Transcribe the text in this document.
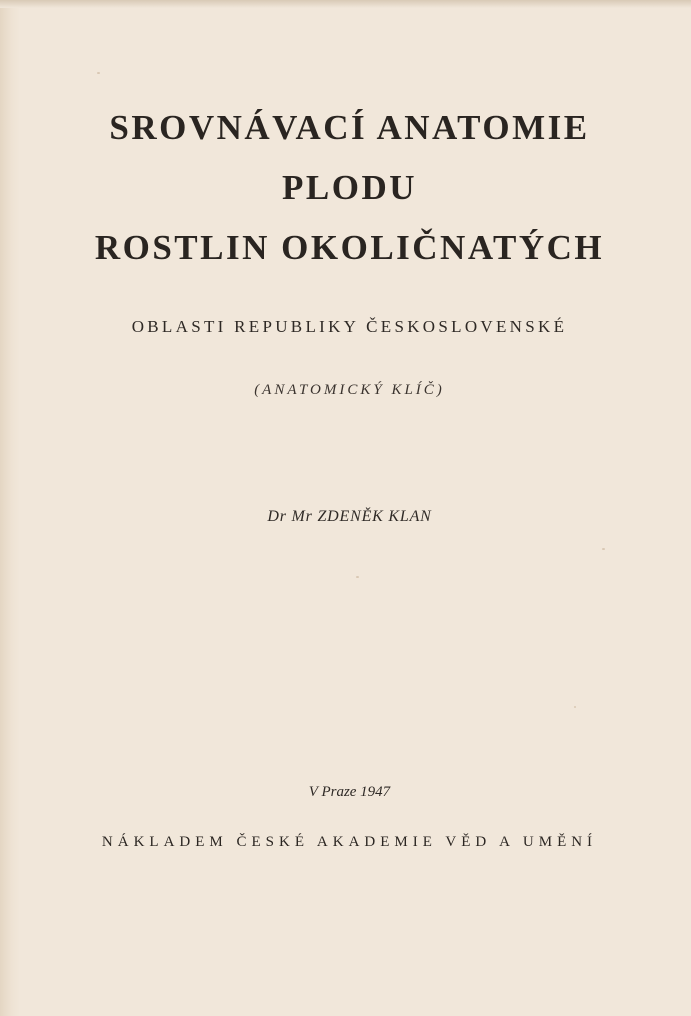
SROVNÁVACÍ ANATOMIE
PLODU
ROSTLIN OKOLIČNATÝCH
OBLASTI REPUBLIKY ČESKOSLOVENSKÉ
(ANATOMICKÝ KLÍČ)
Dr Mr ZDENĚK KLAN
V Praze 1947
NÁKLADEM ČESKÉ AKADEMIE VĚD A UMĚNÍ
